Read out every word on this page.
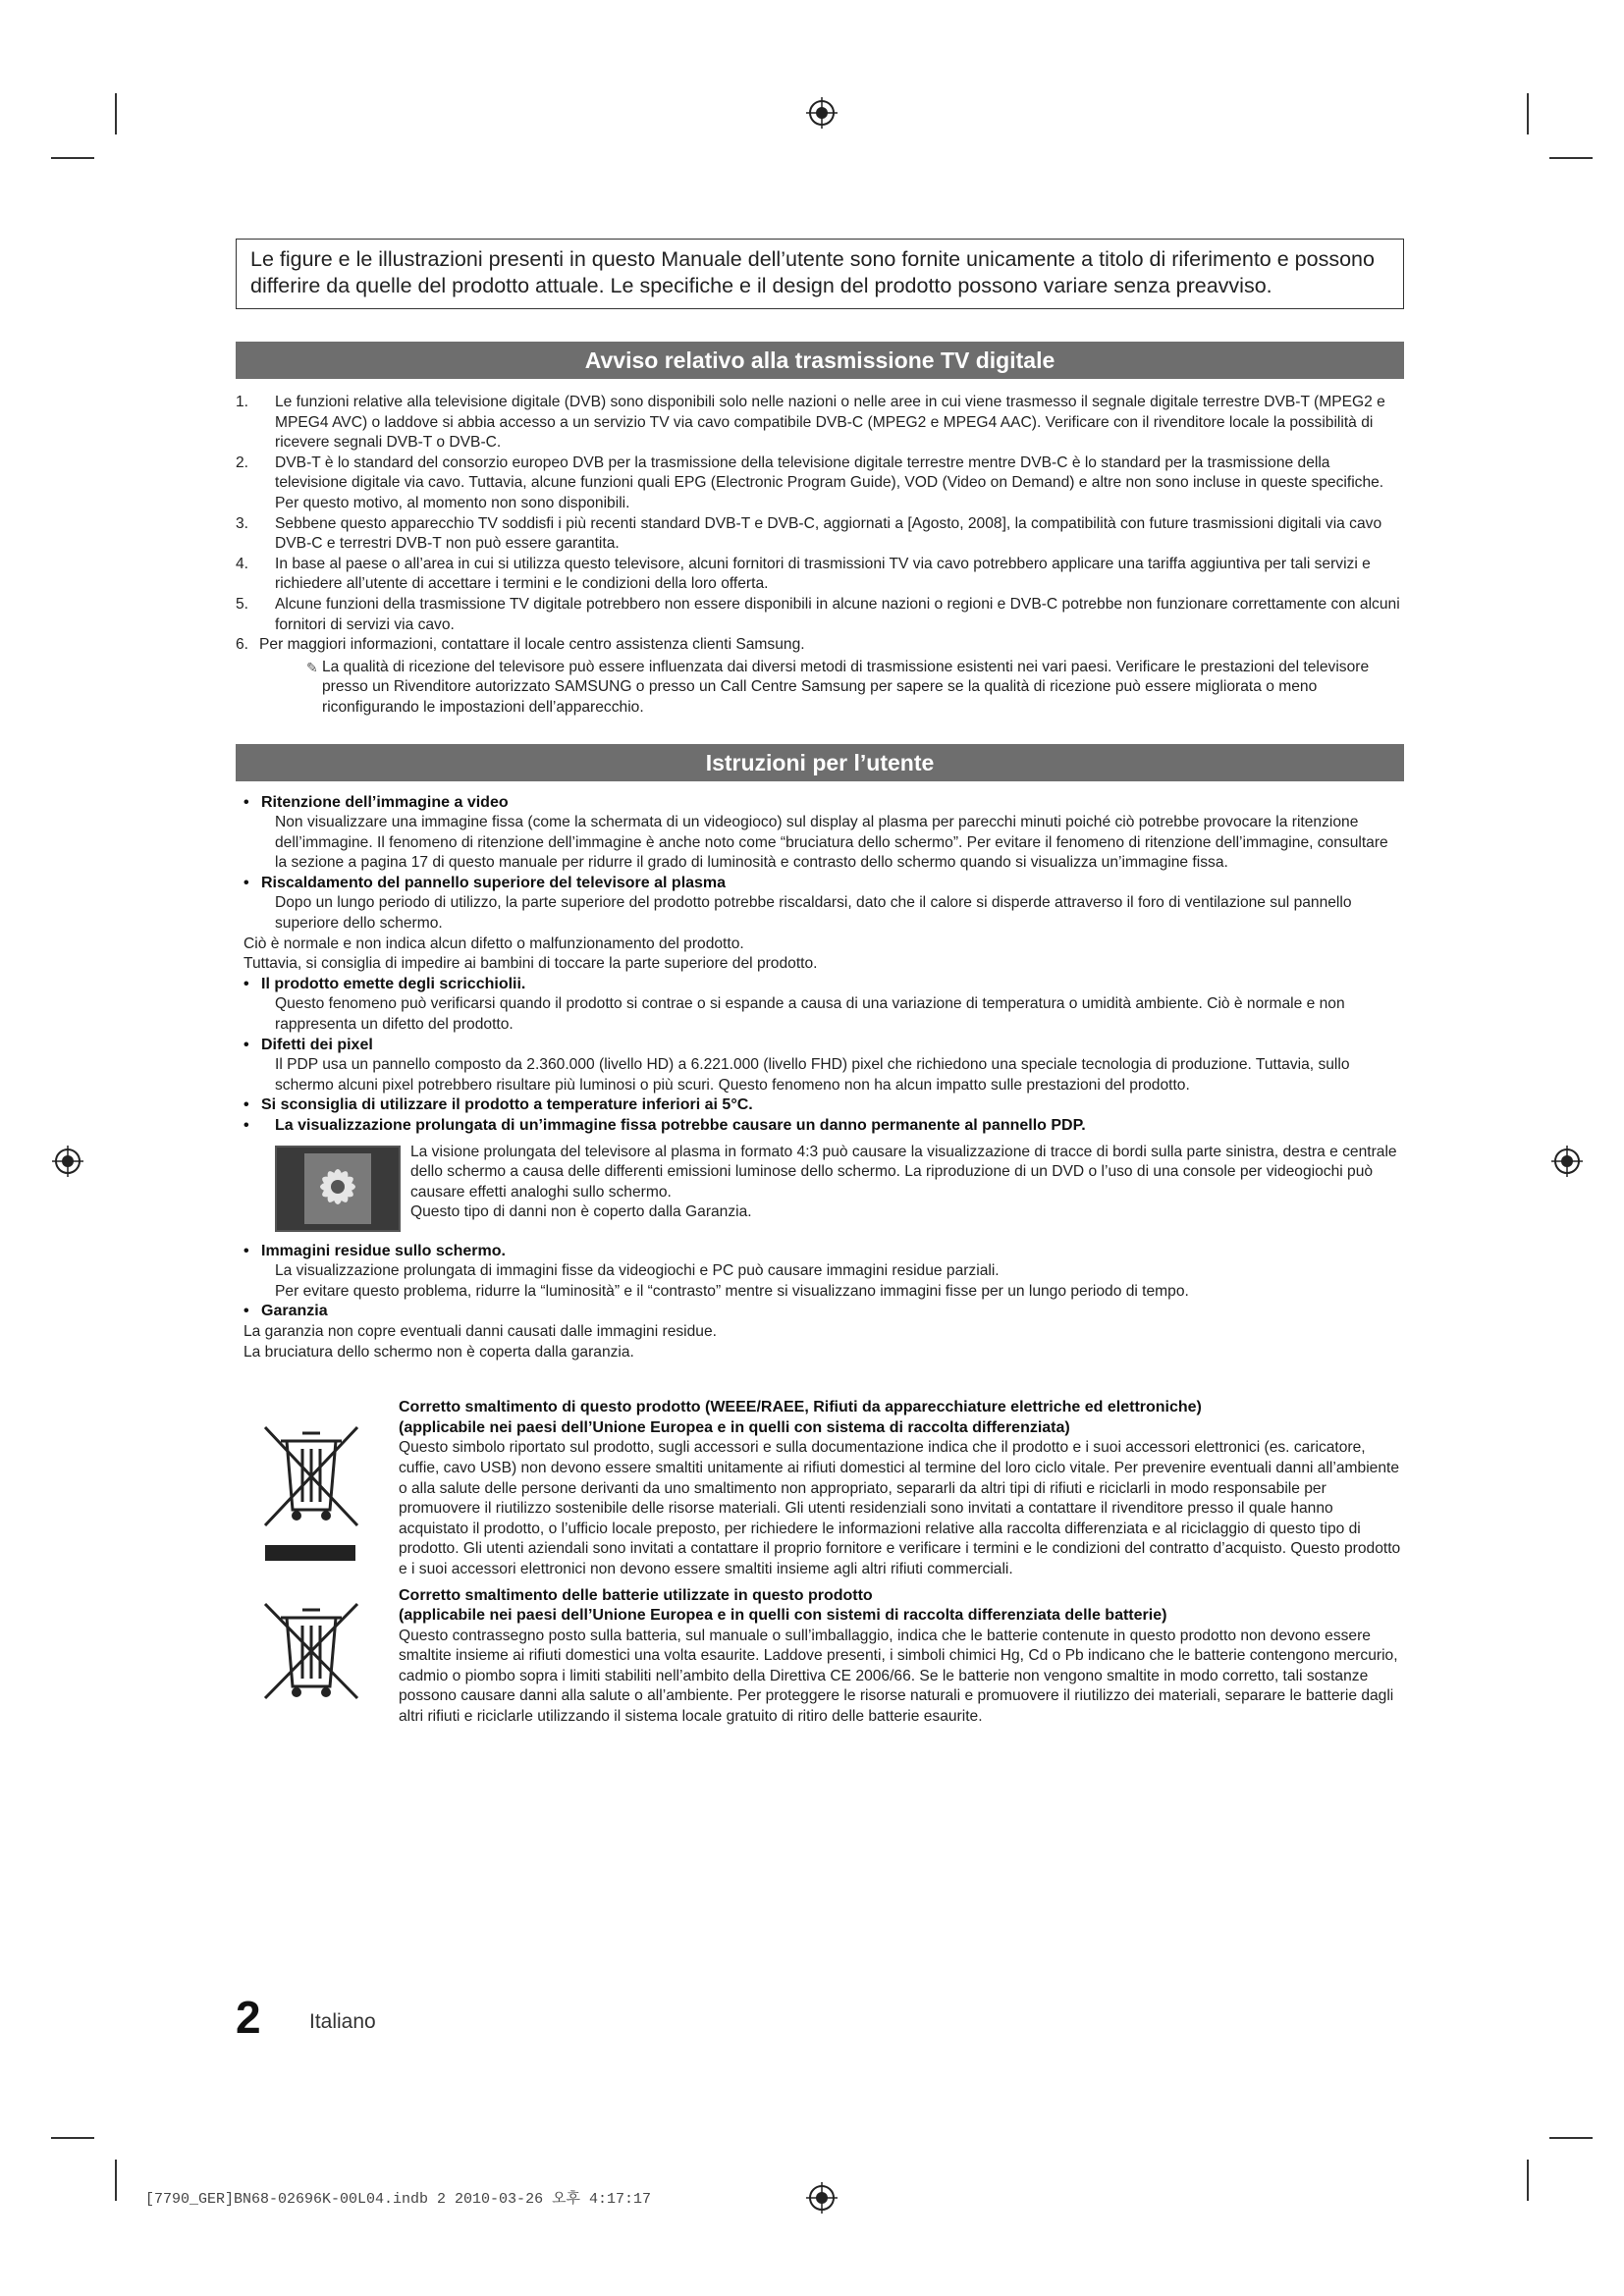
Le figure e le illustrazioni presenti in questo Manuale dell’utente sono fornite unicamente a titolo di riferimento e possono differire da quelle del prodotto attuale. Le specifiche e il design del prodotto possono variare senza preavviso.
Avviso relativo alla trasmissione TV digitale
1. Le funzioni relative alla televisione digitale (DVB) sono disponibili solo nelle nazioni o nelle aree in cui viene trasmesso il segnale digitale terrestre DVB-T (MPEG2 e MPEG4 AVC) o laddove si abbia accesso a un servizio TV via cavo compatibile DVB-C (MPEG2 e MPEG4 AAC). Verificare con il rivenditore locale la possibilità di ricevere segnali DVB-T o DVB-C.
2. DVB-T è lo standard del consorzio europeo DVB per la trasmissione della televisione digitale terrestre mentre DVB-C è lo standard per la trasmissione della televisione digitale via cavo. Tuttavia, alcune funzioni quali EPG (Electronic Program Guide), VOD (Video on Demand) e altre non sono incluse in queste specifiche. Per questo motivo, al momento non sono disponibili.
3. Sebbene questo apparecchio TV soddisfi i più recenti standard DVB-T e DVB-C, aggiornati a [Agosto, 2008], la compatibilità con future trasmissioni digitali via cavo DVB-C e terrestri DVB-T non può essere garantita.
4. In base al paese o all’area in cui si utilizza questo televisore, alcuni fornitori di trasmissioni TV via cavo potrebbero applicare una tariffa aggiuntiva per tali servizi e richiedere all’utente di accettare i termini e le condizioni della loro offerta.
5. Alcune funzioni della trasmissione TV digitale potrebbero non essere disponibili in alcune nazioni o regioni e DVB-C potrebbe non funzionare correttamente con alcuni fornitori di servizi via cavo.
6. Per maggiori informazioni, contattare il locale centro assistenza clienti Samsung.
✎ La qualità di ricezione del televisore può essere influenzata dai diversi metodi di trasmissione esistenti nei vari paesi. Verificare le prestazioni del televisore presso un Rivenditore autorizzato SAMSUNG o presso un Call Centre Samsung per sapere se la qualità di ricezione può essere migliorata o meno riconfigurando le impostazioni dell’apparecchio.
Istruzioni per l’utente
• Ritenzione dell’immagine a video
Non visualizzare una immagine fissa (come la schermata di un videogioco) sul display al plasma per parecchi minuti poiché ciò potrebbe provocare la ritenzione dell’immagine. Il fenomeno di ritenzione dell’immagine è anche noto come “bruciatura dello schermo”. Per evitare il fenomeno di ritenzione dell’immagine, consultare la sezione a pagina 17 di questo manuale per ridurre il grado di luminosità e contrasto dello schermo quando si visualizza un’immagine fissa.
• Riscaldamento del pannello superiore del televisore al plasma
Dopo un lungo periodo di utilizzo, la parte superiore del prodotto potrebbe riscaldarsi, dato che il calore si disperde attraverso il foro di ventilazione sul pannello superiore dello schermo.
Ciò è normale e non indica alcun difetto o malfunzionamento del prodotto.
Tuttavia, si consiglia di impedire ai bambini di toccare la parte superiore del prodotto.
• Il prodotto emette degli scricchiolii.
Questo fenomeno può verificarsi quando il prodotto si contrae o si espande a causa di una variazione di temperatura o umidità ambiente. Ciò è normale e non rappresenta un difetto del prodotto.
• Difetti dei pixel
Il PDP usa un pannello composto da 2.360.000 (livello HD) a 6.221.000 (livello FHD) pixel che richiedono una speciale tecnologia di produzione. Tuttavia, sullo schermo alcuni pixel potrebbero risultare più luminosi o più scuri. Questo fenomeno non ha alcun impatto sulle prestazioni del prodotto.
• Si sconsiglia di utilizzare il prodotto a temperature inferiori ai 5°C.
• La visualizzazione prolungata di un’immagine fissa potrebbe causare un danno permanente al pannello PDP.
La visione prolungata del televisore al plasma in formato 4:3 può causare la visualizzazione di tracce di bordi sulla parte sinistra, destra e centrale dello schermo a causa delle differenti emissioni luminose dello schermo. La riproduzione di un DVD o l’uso di una console per videogiochi può causare effetti analoghi sullo schermo.
Questo tipo di danni non è coperto dalla Garanzia.
• Immagini residue sullo schermo.
La visualizzazione prolungata di immagini fisse da videogiochi e PC può causare immagini residue parziali.
Per evitare questo problema, ridurre la “luminosità” e il “contrasto” mentre si visualizzano immagini fisse per un lungo periodo di tempo.
• Garanzia
La garanzia non copre eventuali danni causati dalle immagini residue.
La bruciatura dello schermo non è coperta dalla garanzia.
Corretto smaltimento di questo prodotto (WEEE/RAEE, Rifiuti da apparecchiature elettriche ed elettroniche)
(applicabile nei paesi dell’Unione Europea e in quelli con sistema di raccolta differenziata)
Questo simbolo riportato sul prodotto, sugli accessori e sulla documentazione indica che il prodotto e i suoi accessori elettronici (es. caricatore, cuffie, cavo USB) non devono essere smaltiti unitamente ai rifiuti domestici al termine del loro ciclo vitale. Per prevenire eventuali danni all’ambiente o alla salute delle persone derivanti da uno smaltimento non appropriato, separarli da altri tipi di rifiuti e riciclarli in modo responsabile per promuovere il riutilizzo sostenibile delle risorse materiali. Gli utenti residenziali sono invitati a contattare il rivenditore presso il quale hanno acquistato il prodotto, o l’ufficio locale preposto, per richiedere le informazioni relative alla raccolta differenziata e al riciclaggio di questo tipo di prodotto. Gli utenti aziendali sono invitati a contattare il proprio fornitore e verificare i termini e le condizioni del contratto d’acquisto. Questo prodotto e i suoi accessori elettronici non devono essere smaltiti insieme agli altri rifiuti commerciali.
Corretto smaltimento delle batterie utilizzate in questo prodotto
(applicabile nei paesi dell’Unione Europea e in quelli con sistemi di raccolta differenziata delle batterie)
Questo contrassegno posto sulla batteria, sul manuale o sull’imballaggio, indica che le batterie contenute in questo prodotto non devono essere smaltite insieme ai rifiuti domestici una volta esaurite. Laddove presenti, i simboli chimici Hg, Cd o Pb indicano che le batterie contengono mercurio, cadmio o piombo sopra i limiti stabiliti nell’ambito della Direttiva CE 2006/66. Se le batterie non vengono smaltite in modo corretto, tali sostanze possono causare danni alla salute o all’ambiente. Per proteggere le risorse naturali e promuovere il riutilizzo dei materiali, separare le batterie dagli altri rifiuti e riciclarle utilizzando il sistema locale gratuito di ritiro delle batterie esaurite.
2 Italiano
[7790_GER]BN68-02696K-00L04.indb 2 2010-03-26 오후 4:17:17
